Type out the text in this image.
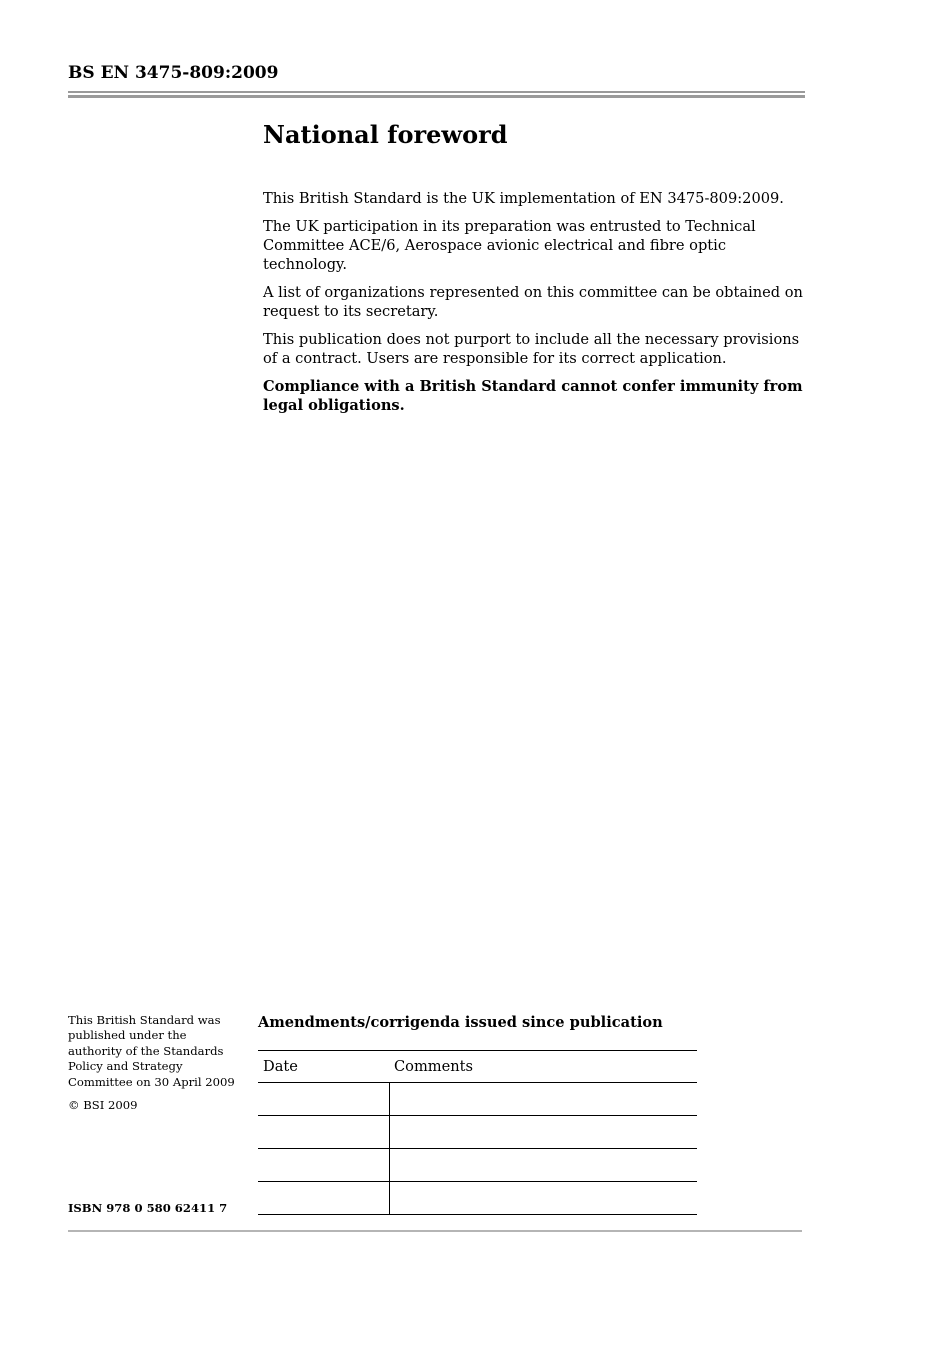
BS EN 3475-809:2009
National foreword

This British Standard is the UK implementation of EN 3475-809:2009.

The UK participation in its preparation was entrusted to Technical Committee ACE/6, Aerospace avionic electrical and fibre optic technology.

A list of organizations represented on this committee can be obtained on request to its secretary.

This publication does not purport to include all the necessary provisions of a contract. Users are responsible for its correct application.

Compliance with a British Standard cannot confer immunity from legal obligations.

This British Standard was published under the authority of the Standards Policy and Strategy Committee on 30 April 2009

© BSI 2009

ISBN 978 0 580 62411 7
Amendments/corrigenda issued since publication
Date	Comments
